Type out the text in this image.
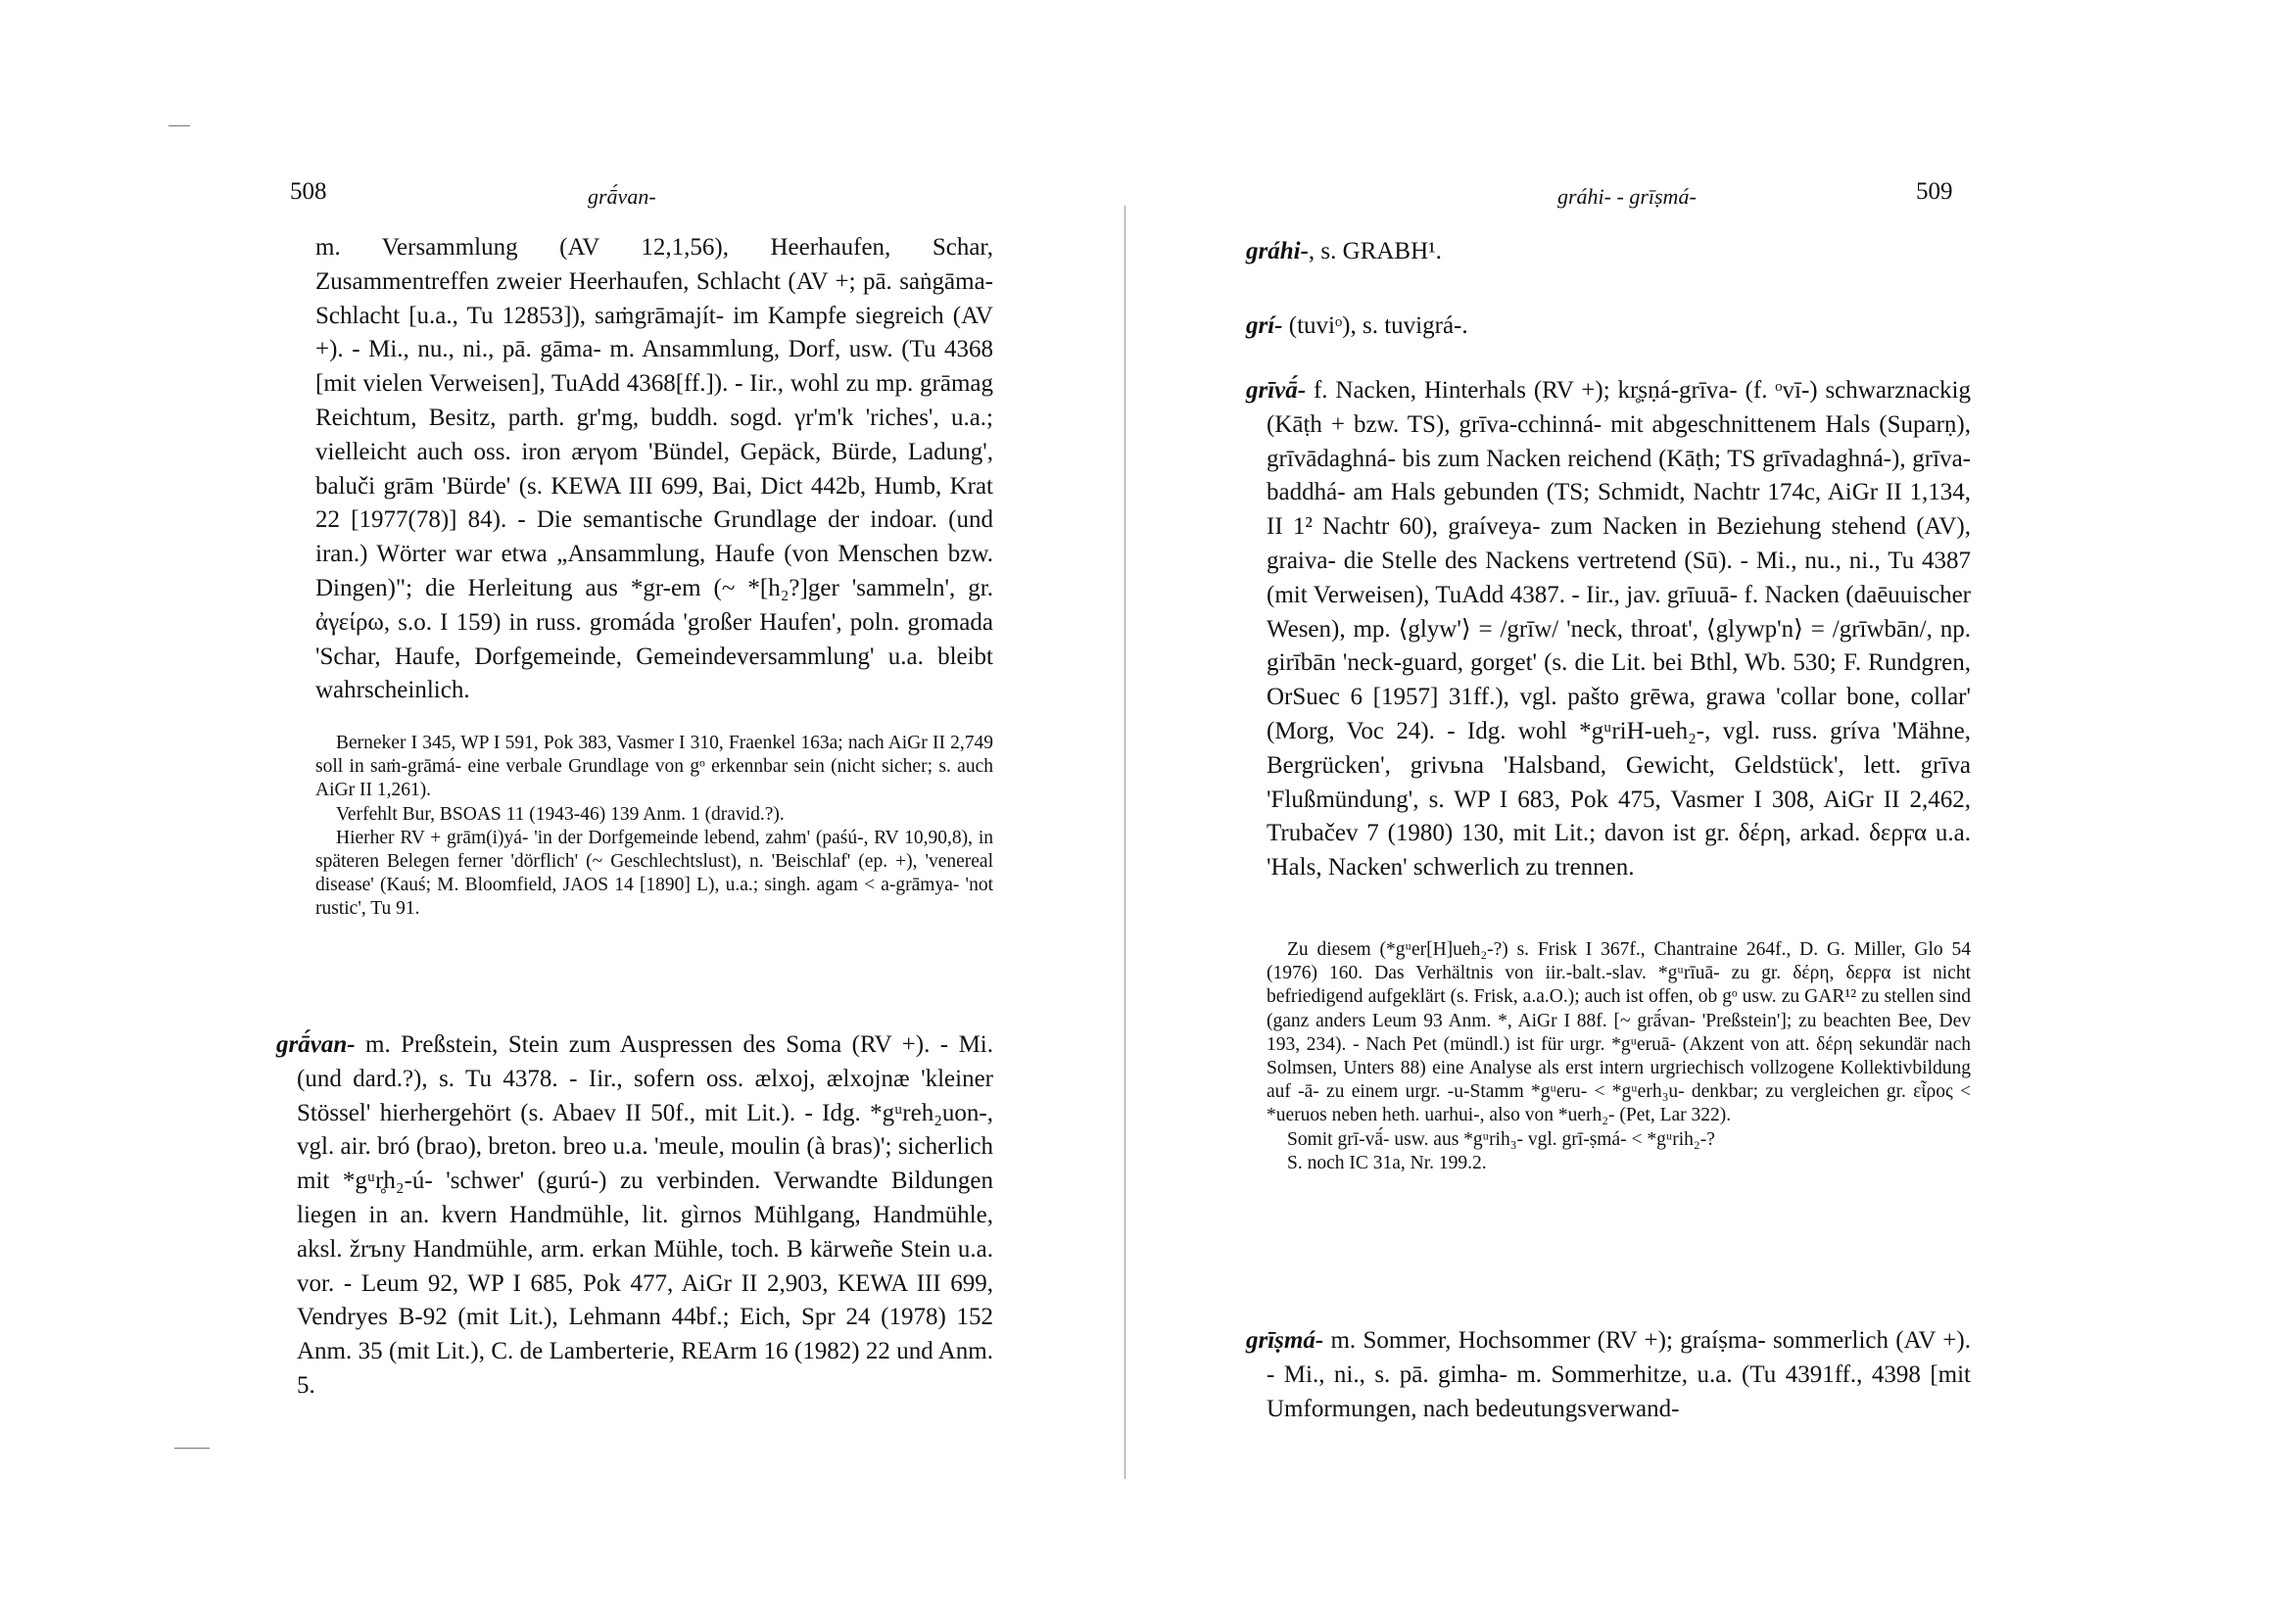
508	grā́van-

m. Versammlung (AV 12,1,56), Heerhaufen, Schar, Zusammentreffen zweier Heerhaufen, Schlacht (AV +; pā. saṅgāma- Schlacht [u.a., Tu 12853]), saṁgrāmajít- im Kampfe siegreich (AV +). - Mi., nu., ni., pā. gāma- m. Ansammlung, Dorf, usw. (Tu 4368 [mit vielen Verweisen], TuAdd 4368[ff.]). - Iir., wohl zu mp. grāmag Reichtum, Besitz, parth. gr'mg, buddh. sogd. γr'm'k 'riches', u.a.; vielleicht auch oss. iron ærγom 'Bündel, Gepäck, Bürde, Ladung', baluči grām 'Bürde' (s. KEWA III 699, Bai, Dict 442b, Humb, Krat 22 [1977(78)] 84). - Die semantische Grundlage der indoar. (und iran.) Wörter war etwa „Ansammlung, Haufe (von Menschen bzw. Dingen)"; die Herleitung aus *gr-em (~ *[h₂?]ger 'sammeln', gr. ἀγείρω, s.o. I 159) in russ. gromáda 'großer Haufen', poln. gromada 'Schar, Haufe, Dorfgemeinde, Gemeindeversammlung' u.a. bleibt wahrscheinlich.

Berneker I 345, WP I 591, Pok 383, Vasmer I 310, Fraenkel 163a; nach AiGr II 2,749 soll in saṁ-grāmá- eine verbale Grundlage von gᵒ erkennbar sein (nicht sicher; s. auch AiGr II 1,261).

Verfehlt Bur, BSOAS 11 (1943-46) 139 Anm. 1 (dravid.?).

Hierher RV + grām(i)yá- 'in der Dorfgemeinde lebend, zahm' (paśú-, RV 10,90,8), in späteren Belegen ferner 'dörflich' (~ Geschlechtslust), n. 'Beischlaf' (ep. +), 'venereal disease' (Kauś; M. Bloomfield, JAOS 14 [1890] L), u.a.; singh. agam < a-grāmya- 'not rustic', Tu 91.

grā́van- m. Preßstein, Stein zum Auspressen des Soma (RV +). - Mi. (und dard.?), s. Tu 4378. - Iir., sofern oss. ælxoj, ælxojnæ 'kleiner Stössel' hierhergehört (s. Abaev II 50f., mit Lit.). - Idg. *gᵘreh₂uon-, vgl. air. bró (brao), breton. breo u.a. 'meule, moulin (à bras)'; sicherlich mit *gᵘr̥h₂-ú- 'schwer' (gurú-) zu verbinden. Verwandte Bildungen liegen in an. kvern Handmühle, lit. gìrnos Mühlgang, Handmühle, aksl. žrъny Handmühle, arm. erkan Mühle, toch. B kärweñe Stein u.a. vor. - Leum 92, WP I 685, Pok 477, AiGr II 2,903, KEWA III 699, Vendryes B-92 (mit Lit.), Lehmann 44bf.; Eich, Spr 24 (1978) 152 Anm. 35 (mit Lit.), C. de Lamberterie, REArm 16 (1982) 22 und Anm. 5.

gráhi- - grīṣmá-	509

gráhi-, s. GRABH¹.

grí- (tuviᵒ), s. tuvigrá-.

grīvā́- f. Nacken, Hinterhals (RV +); kr̥ṣṇá-grīva- (f. ᵒvī-) schwarznackig (Kāṭh + bzw. TS), grīva-cchinná- mit abgeschnittenem Hals (Suparṇ), grīvādaghná- bis zum Nacken reichend (Kāṭh; TS grīvadaghná-), grīva-baddhá- am Hals gebunden (TS; Schmidt, Nachtr 174c, AiGr II 1,134, II 1² Nachtr 60), graíveya- zum Nacken in Beziehung stehend (AV), graiva- die Stelle des Nackens vertretend (Sū). - Mi., nu., ni., Tu 4387 (mit Verweisen), TuAdd 4387. - Iir., jav. grīuuā- f. Nacken (daēuuischer Wesen), mp. ⟨glyw'⟩ = /grīw/ 'neck, throat', ⟨glywp'n⟩ = /grīwbān/, np. girībān 'neck-guard, gorget' (s. die Lit. bei Bthl, Wb. 530; F. Rundgren, OrSuec 6 [1957] 31ff.), vgl. pašto grēwa, grawa 'collar bone, collar' (Morg, Voc 24). - Idg. wohl *gᵘriH-ueh₂-, vgl. russ. gríva 'Mähne, Bergrücken', grivьna 'Halsband, Gewicht, Geldstück', lett. grīva 'Flußmündung', s. WP I 683, Pok 475, Vasmer I 308, AiGr II 2,462, Trubačev 7 (1980) 130, mit Lit.; davon ist gr. δέρη, arkad. δερϝα u.a. 'Hals, Nacken' schwerlich zu trennen.

Zu diesem (*gᵘer[H]ueh₂-?) s. Frisk I 367f., Chantraine 264f., D. G. Miller, Glo 54 (1976) 160. Das Verhältnis von iir.-balt.-slav. *gᵘrīuā- zu gr. δέρη, δερϝα ist nicht befriedigend aufgeklärt (s. Frisk, a.a.O.); auch ist offen, ob gᵒ usw. zu GAR¹² zu stellen sind (ganz anders Leum 93 Anm. *, AiGr I 88f. [~ grā́van- 'Preßstein']; zu beachten Bee, Dev 193, 234). - Nach Pet (mündl.) ist für urgr. *gᵘeruā- (Akzent von att. δέρη sekundär nach Solmsen, Unters 88) eine Analyse als erst intern urgriechisch vollzogene Kollektivbildung auf -ā- zu einem urgr. -u-Stamm *gᵘeru- < *gᵘerh₃u- denkbar; zu vergleichen gr. εἶρος < *ueruos neben heth. uarhui-, also von *uerh₂- (Pet, Lar 322).

Somit grī-vā́- usw. aus *gᵘrih₃- vgl. grī-ṣmá- < *gᵘrih₂-?

S. noch IC 31a, Nr. 199.2.

grīṣmá- m. Sommer, Hochsommer (RV +); graíṣma- sommerlich (AV +). - Mi., ni., s. pā. gimha- m. Sommerhitze, u.a. (Tu 4391ff., 4398 [mit Umformungen, nach bedeutungsverwand-
